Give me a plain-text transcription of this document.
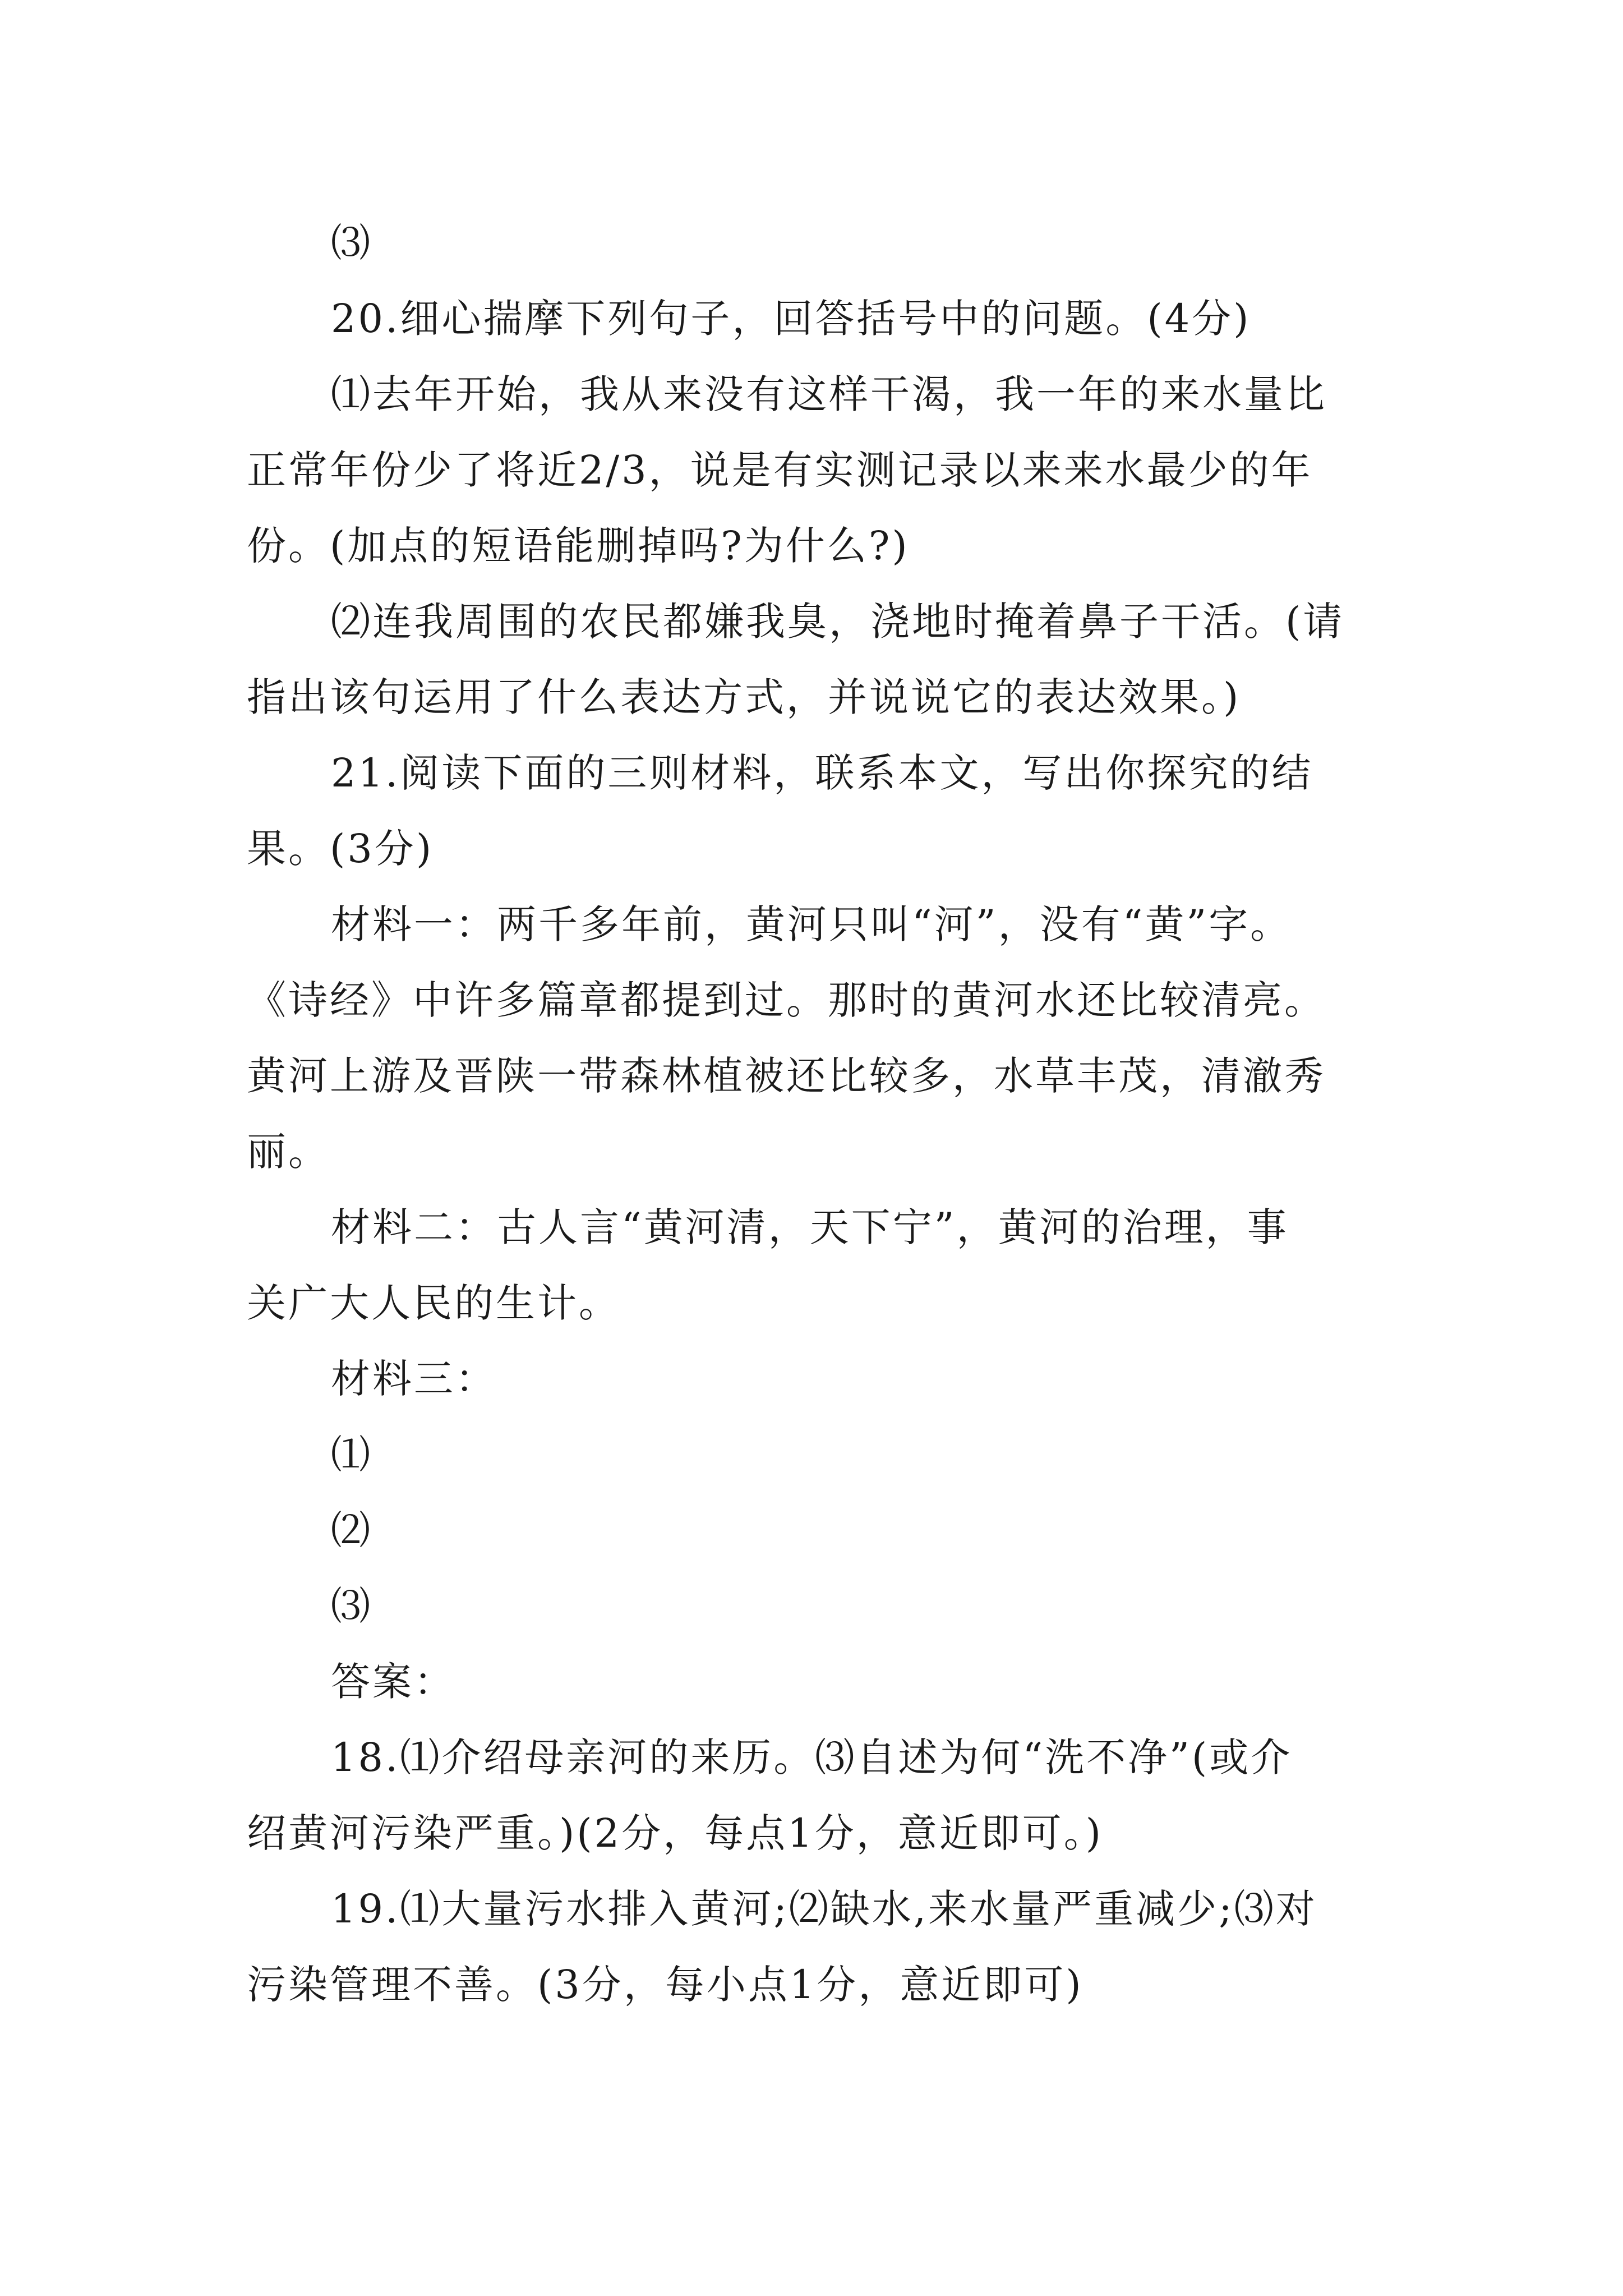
⑶
20.细心揣摩下列句子，回答括号中的问题。(4分)
⑴去年开始，我从来没有这样干渴，我一年的来水量比
正常年份少了将近2/3，说是有实测记录以来来水最少的年
份。(加点的短语能删掉吗?为什么?)
⑵连我周围的农民都嫌我臭，浇地时掩着鼻子干活。(请
指出该句运用了什么表达方式，并说说它的表达效果。)
21.阅读下面的三则材料，联系本文，写出你探究的结
果。(3分)
材料一：两千多年前，黄河只叫“河”，没有“黄”字。
《诗经》中许多篇章都提到过。那时的黄河水还比较清亮。
黄河上游及晋陕一带森林植被还比较多，水草丰茂，清澈秀
丽。
材料二：古人言“黄河清，天下宁”，黄河的治理，事
关广大人民的生计。
材料三：
⑴
⑵
⑶
答案：
18.⑴介绍母亲河的来历。⑶自述为何“洗不净”(或介
绍黄河污染严重。)(2分，每点1分，意近即可。)
19.⑴大量污水排入黄河;⑵缺水,来水量严重减少;⑶对
污染管理不善。(3分，每小点1分，意近即可)
